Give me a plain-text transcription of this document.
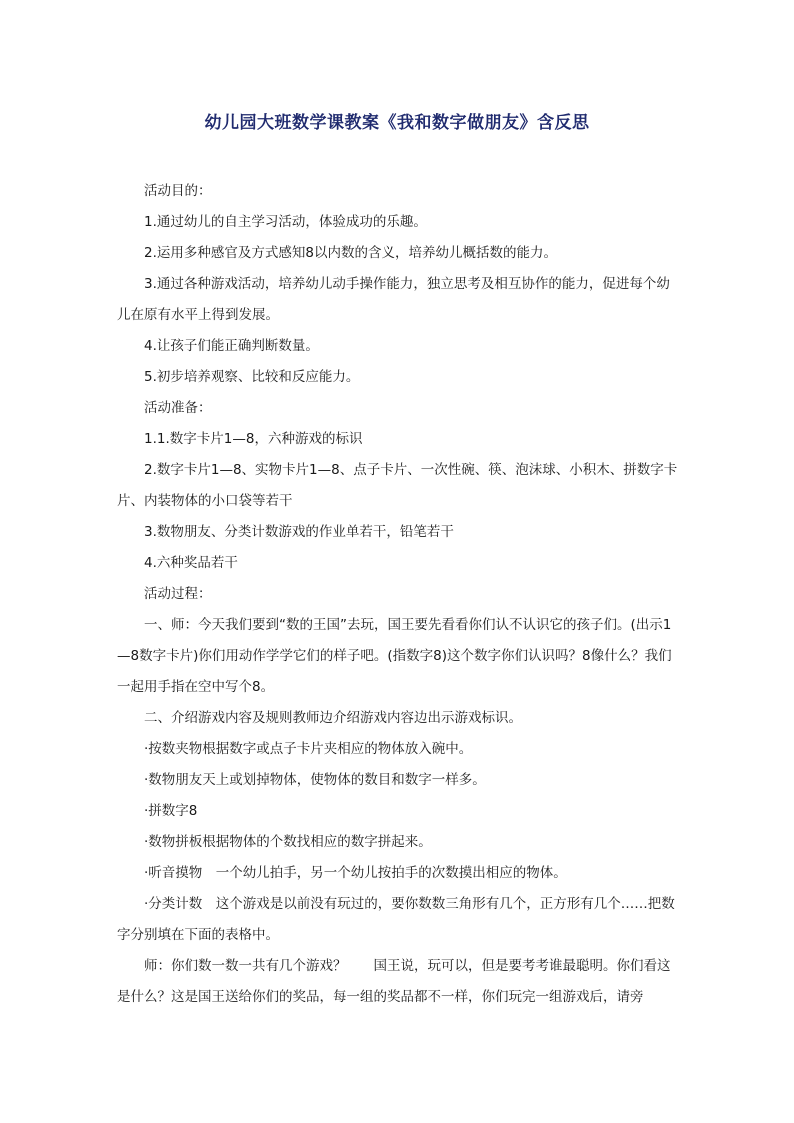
幼儿园大班数学课教案《我和数字做朋友》含反思

活动目的：

1.通过幼儿的自主学习活动，体验成功的乐趣。

2.运用多种感官及方式感知8以内数的含义，培养幼儿概括数的能力。

3.通过各种游戏活动，培养幼儿动手操作能力，独立思考及相互协作的能力，促进每个幼儿在原有水平上得到发展。

4.让孩子们能正确判断数量。

5.初步培养观察、比较和反应能力。

活动准备：

1.1.数字卡片1—8，六种游戏的标识

2.数字卡片1—8、实物卡片1—8、点子卡片、一次性碗、筷、泡沫球、小积木、拼数字卡片、内装物体的小口袋等若干

3.数物朋友、分类计数游戏的作业单若干，铅笔若干

4.六种奖品若干

活动过程：

一、师：今天我们要到“数的王国”去玩，国王要先看看你们认不认识它的孩子们。(出示1—8数字卡片)你们用动作学学它们的样子吧。(指数字8)这个数字你们认识吗？8像什么？我们一起用手指在空中写个8。

二、介绍游戏内容及规则教师边介绍游戏内容边出示游戏标识。

·按数夹物根据数字或点子卡片夹相应的物体放入碗中。

·数物朋友天上或划掉物体，使物体的数目和数字一样多。

·拼数字8

·数物拼板根据物体的个数找相应的数字拼起来。

·听音摸物　一个幼儿拍手，另一个幼儿按拍手的次数摸出相应的物体。

·分类计数　这个游戏是以前没有玩过的，要你数数三角形有几个，正方形有几个……把数字分别填在下面的表格中。

师：你们数一数一共有几个游戏？　　国王说，玩可以，但是要考考谁最聪明。你们看这是什么？这是国王送给你们的奖品，每一组的奖品都不一样，你们玩完一组游戏后，请旁
